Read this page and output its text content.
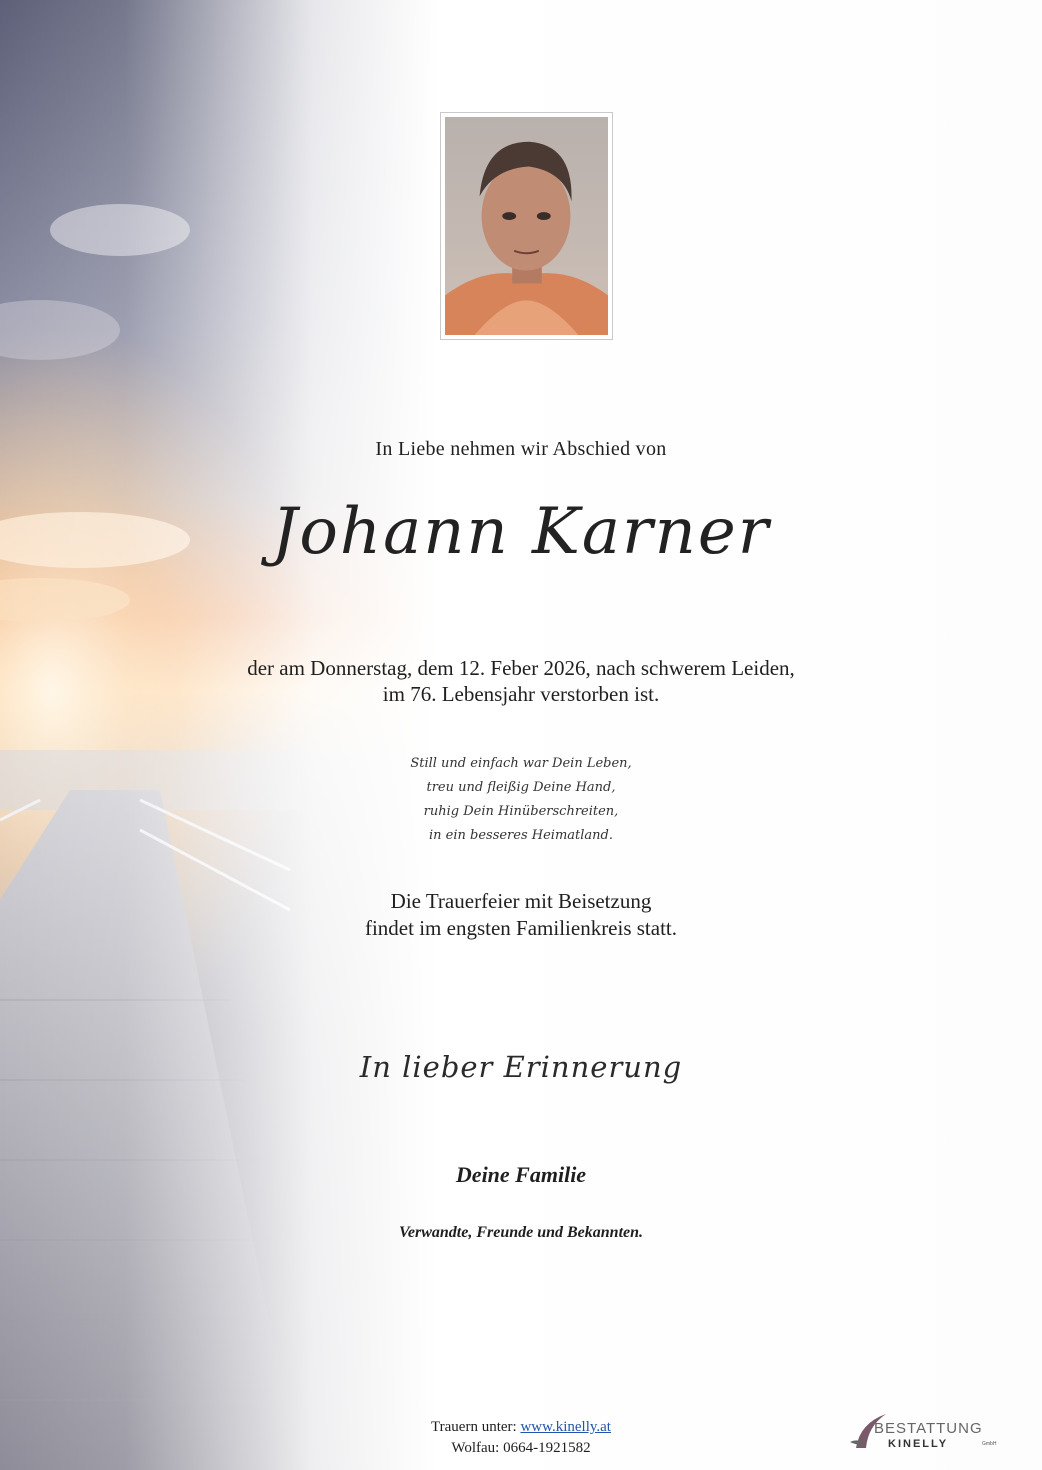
In Liebe nehmen wir Abschied von
Johann Karner
der am Donnerstag, dem 12. Feber 2026, nach schwerem Leiden,
im 76. Lebensjahr verstorben ist.
Still und einfach war Dein Leben,
treu und fleißig Deine Hand,
ruhig Dein Hinüberschreiten,
in ein besseres Heimatland.
Die Trauerfeier mit Beisetzung
findet im engsten Familienkreis statt.
In lieber Erinnerung
Deine Familie
Verwandte, Freunde und Bekannten.
Trauern unter: www.kinelly.at
Wolfau: 0664-1921582
BESTATTUNG
KINELLY	GmbH
